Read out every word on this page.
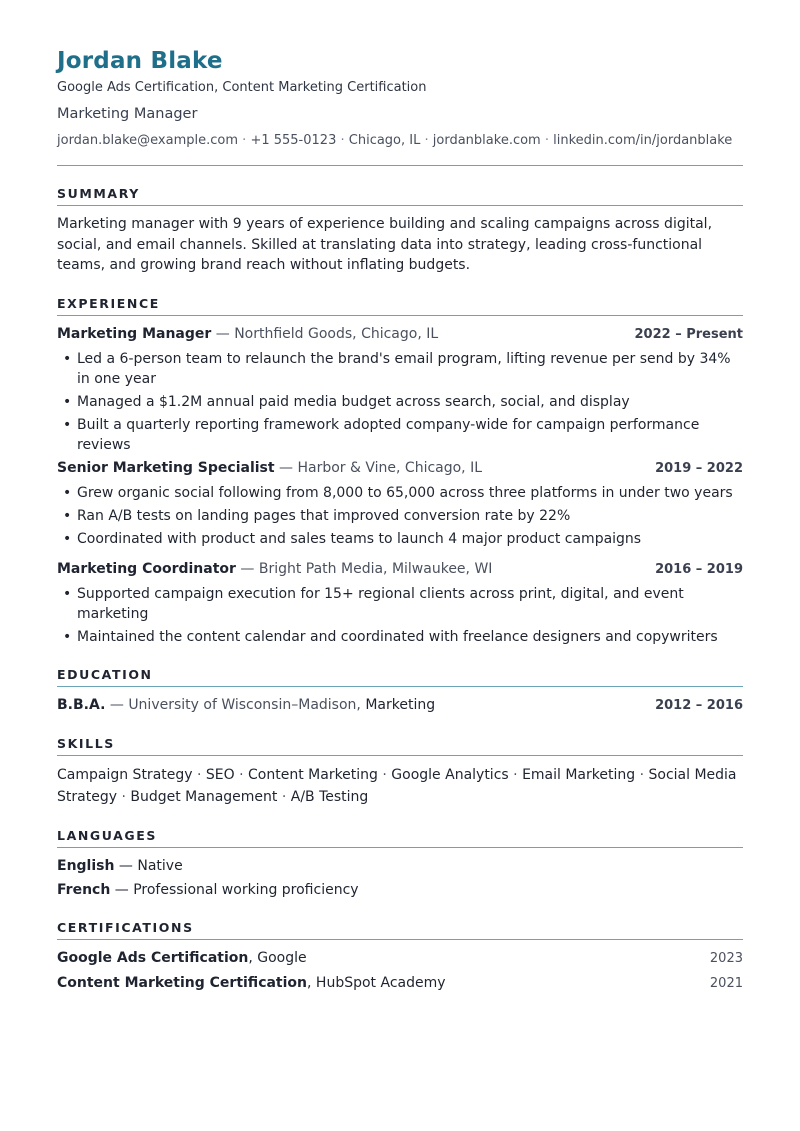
Jordan Blake
Google Ads Certification, Content Marketing Certification
Marketing Manager
jordan.blake@example.com · +1 555-0123 · Chicago, IL · jordanblake.com · linkedin.com/in/jordanblake
SUMMARY

Marketing manager with 9 years of experience building and scaling campaigns across digital, social, and email channels. Skilled at translating data into strategy, leading cross-functional teams, and growing brand reach without inflating budgets.

EXPERIENCE
Marketing Manager — Northfield Goods, Chicago, IL	2022 – Present
• Led a 6-person team to relaunch the brand's email program, lifting revenue per send by 34% in one year
• Managed a $1.2M annual paid media budget across search, social, and display
• Built a quarterly reporting framework adopted company-wide for campaign performance reviews
Senior Marketing Specialist — Harbor & Vine, Chicago, IL	2019 – 2022
• Grew organic social following from 8,000 to 65,000 across three platforms in under two years
• Ran A/B tests on landing pages that improved conversion rate by 22%
• Coordinated with product and sales teams to launch 4 major product campaigns
Marketing Coordinator — Bright Path Media, Milwaukee, WI	2016 – 2019
• Supported campaign execution for 15+ regional clients across print, digital, and event marketing
• Maintained the content calendar and coordinated with freelance designers and copywriters
EDUCATION
B.B.A. — University of Wisconsin–Madison, Marketing	2012 – 2016
SKILLS
Campaign Strategy · SEO · Content Marketing · Google Analytics · Email Marketing · Social Media Strategy · Budget Management · A/B Testing
LANGUAGES
English — Native
French — Professional working proficiency
CERTIFICATIONS
Google Ads Certification, Google	2023
Content Marketing Certification, HubSpot Academy	2021
